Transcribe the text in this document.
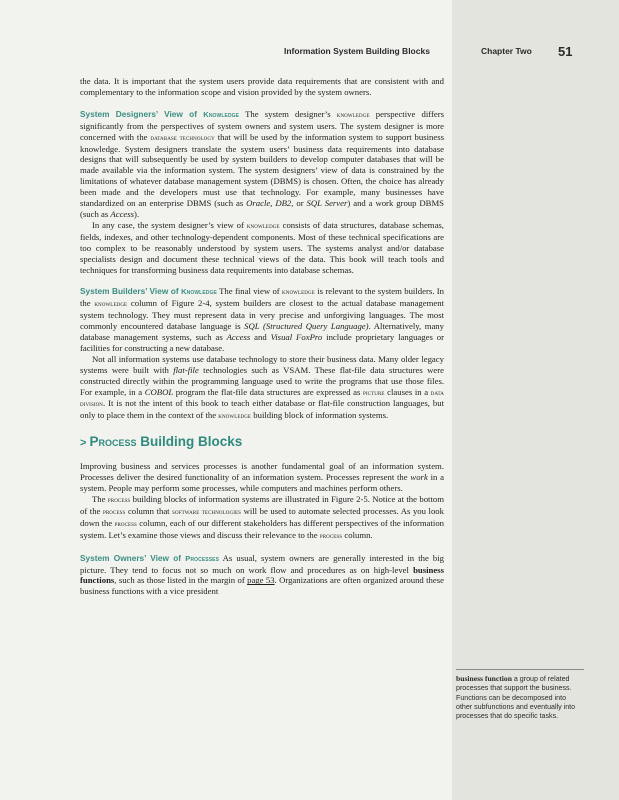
Information System Building Blocks	Chapter Two 51

the data. It is important that the system users provide data requirements that are consistent with and complementary to the information scope and vision provided by the system owners.

System Designers’ View of Knowledge The system designer’s knowledge perspective differs significantly from the perspectives of system owners and system users. The system designer is more concerned with the database technology that will be used by the information system to support business knowledge. System designers translate the system users’ business data requirements into database designs that will subsequently be used by system builders to develop computer databases that will be made available via the information system. The system designers’ view of data is constrained by the limitations of whatever database management system (DBMS) is chosen. Often, the choice has already been made and the developers must use that technology. For example, many businesses have standardized on an enterprise DBMS (such as Oracle, DB2, or SQL Server) and a work group DBMS (such as Access).

In any case, the system designer’s view of knowledge consists of data structures, database schemas, fields, indexes, and other technology-dependent components. Most of these technical specifications are too complex to be reasonably understood by system users. The systems analyst and/or database specialists design and document these technical views of the data. This book will teach tools and techniques for transforming business data requirements into database schemas.

System Builders’ View of Knowledge The final view of knowledge is relevant to the system builders. In the knowledge column of Figure 2-4, system builders are closest to the actual database management system technology. They must represent data in very precise and unforgiving languages. The most commonly encountered database language is SQL (Structured Query Language). Alternatively, many database management systems, such as Access and Visual FoxPro include proprietary languages or facilities for constructing a new database.

Not all information systems use database technology to store their business data. Many older legacy systems were built with flat-file technologies such as VSAM. These flat-file data structures were constructed directly within the programming language used to write the programs that use those files. For example, in a COBOL program the flat-file data structures are expressed as picture clauses in a data division. It is not the intent of this book to teach either database or flat-file construction languages, but only to place them in the context of the knowledge building block of information systems.

> Process Building Blocks

Improving business and services processes is another fundamental goal of an information system. Processes deliver the desired functionality of an information system. Processes represent the work in a system. People may perform some processes, while computers and machines perform others.

The process building blocks of information systems are illustrated in Figure 2-5. Notice at the bottom of the process column that software technologies will be used to automate selected processes. As you look down the process column, each of our different stakeholders has different perspectives of the information system. Let’s examine those views and discuss their relevance to the process column.

System Owners’ View of Processes As usual, system owners are generally interested in the big picture. They tend to focus not so much on work flow and procedures as on high-level business functions, such as those listed in the margin of page 53. Organizations are often organized around these business functions with a vice president

business function a group of related processes that support the business. Functions can be decomposed into other subfunctions and eventually into processes that do specific tasks.
